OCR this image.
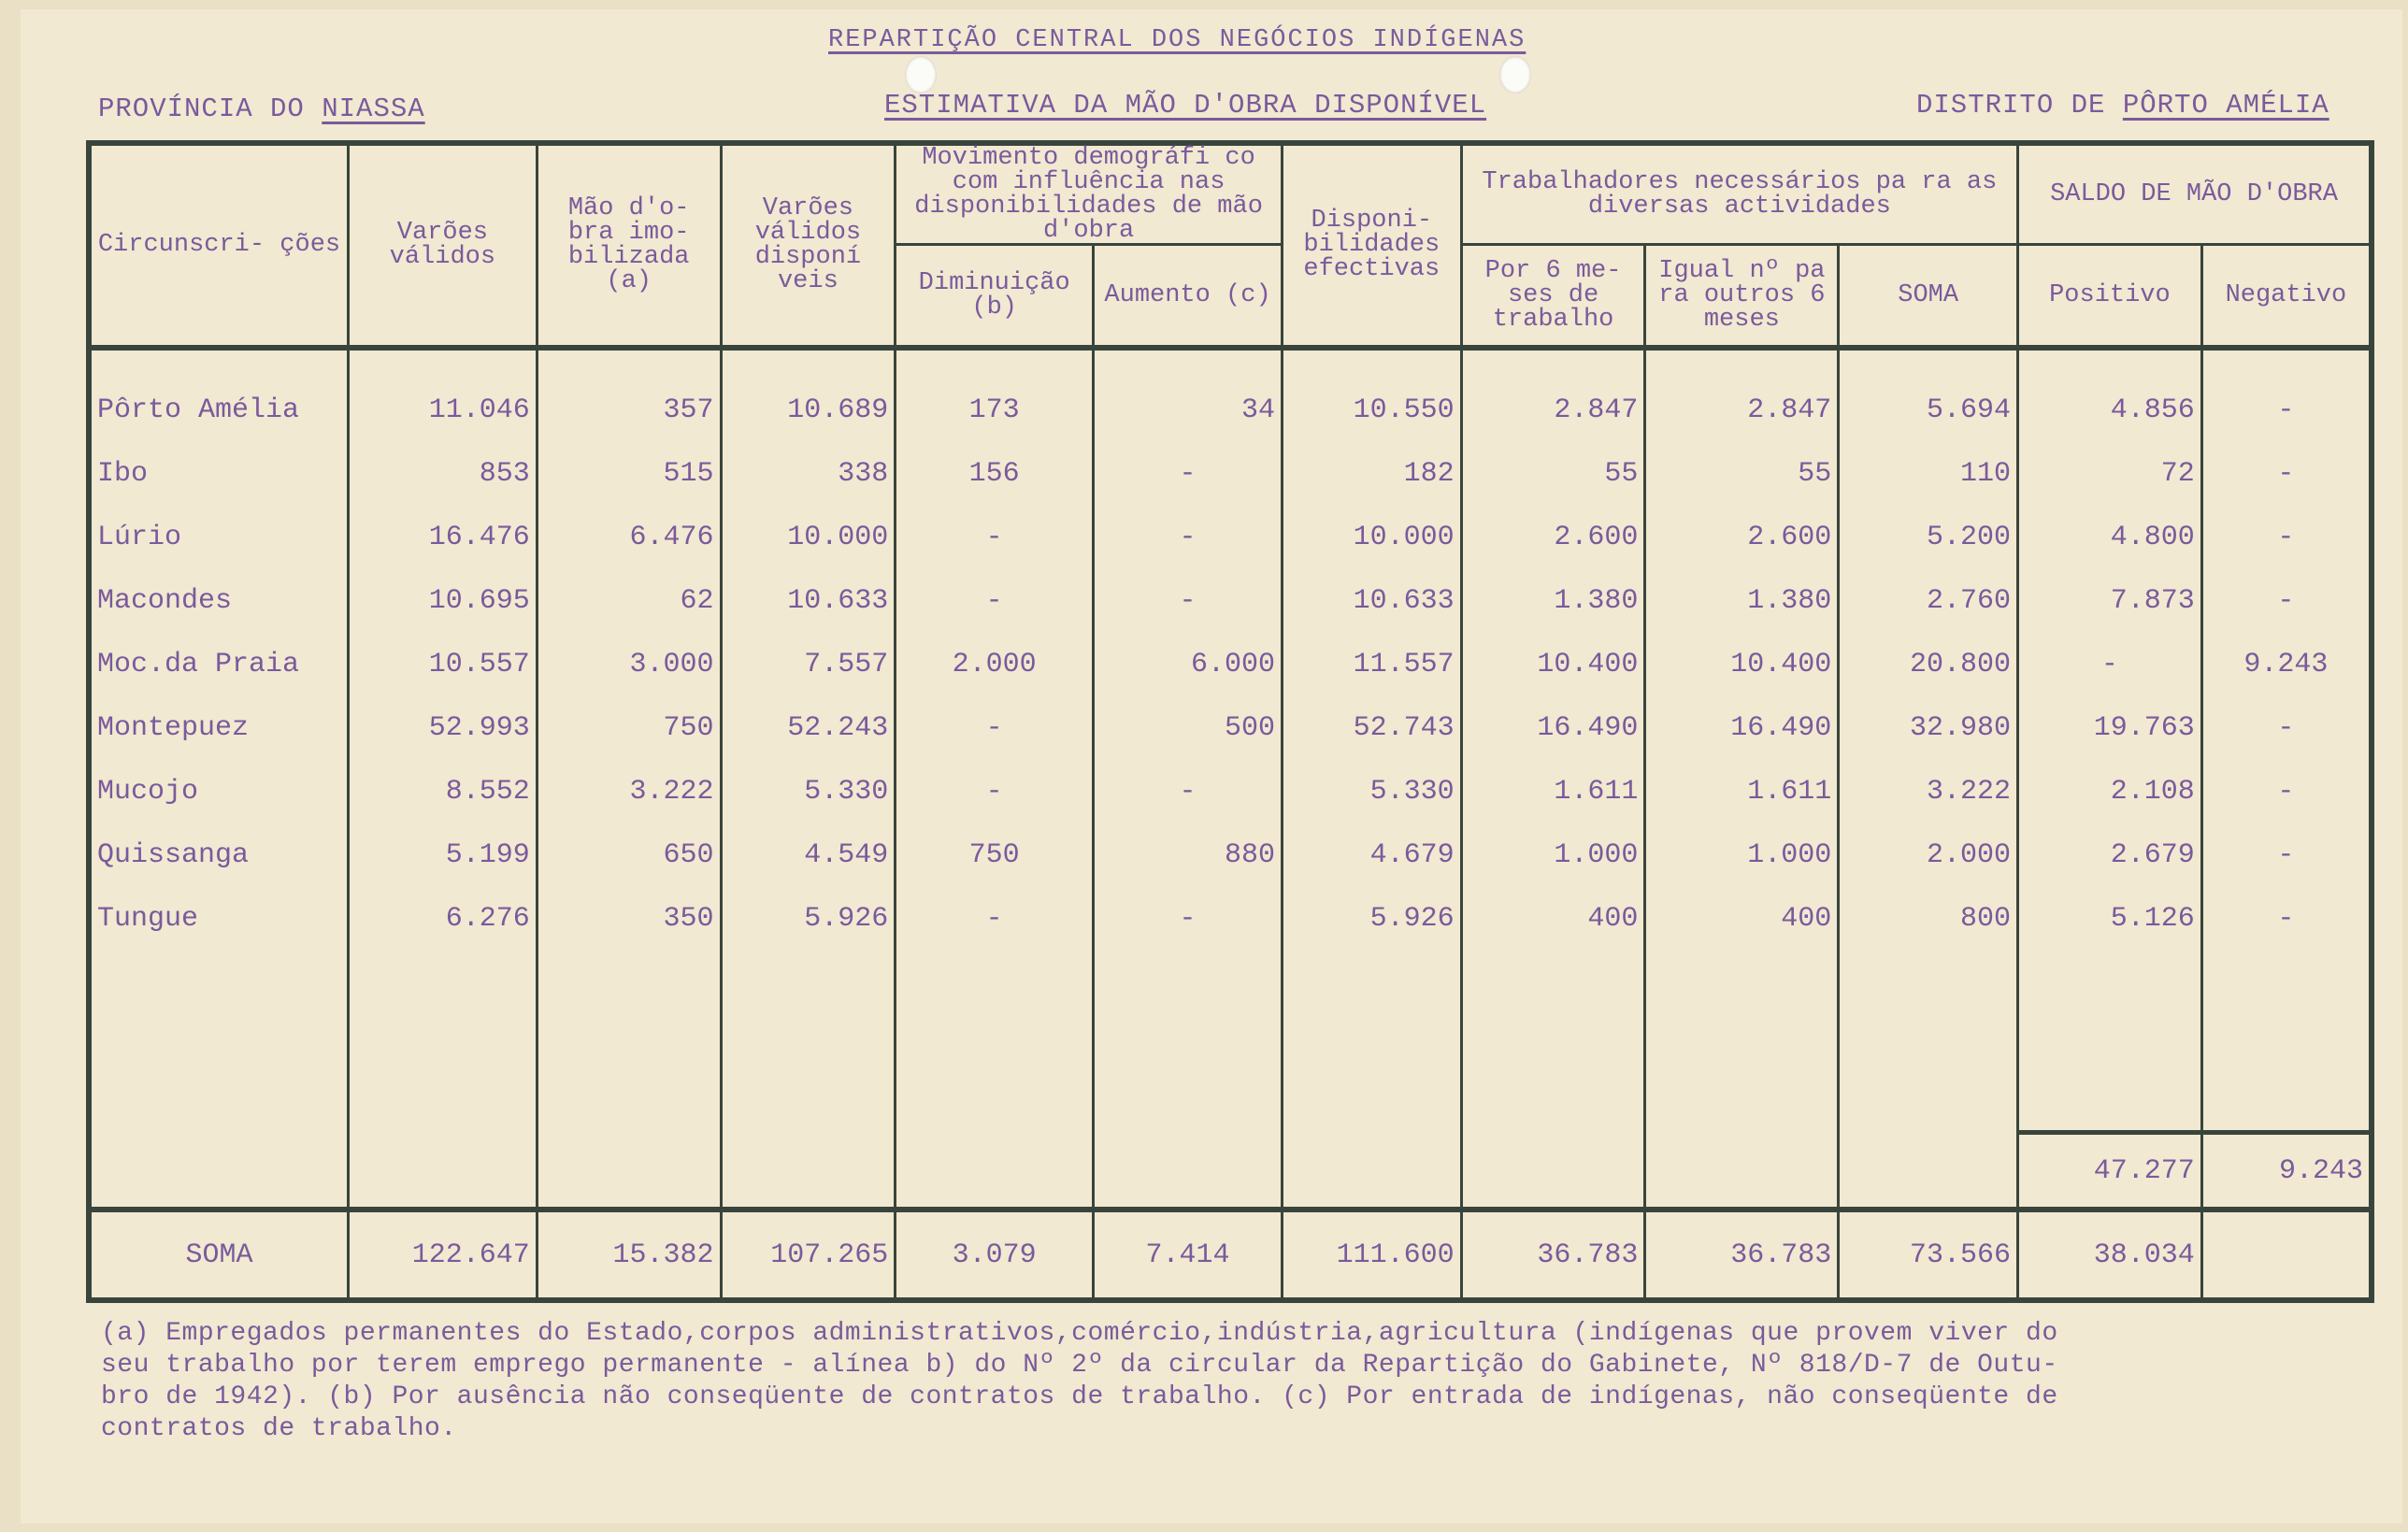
REPARTIÇÃO CENTRAL DOS NEGÓCIOS INDÍGENAS
PROVÍNCIA DO NIASSA	ESTIMATIVA DA MÃO D'OBRA DISPONÍVEL	DISTRITO DE PÔRTO AMÉLIA
Circunscri- ções	Varões válidos	Mão d'o- bra imo- bilizada (a)	Varões válidos disponí veis	Movimento demográfi co com influência nas disponibilidades de mão d'obra		Disponi- bilidades efectivas	Trabalhadores necessários pa ra as diversas actividades			SALDO DE MÃO D'OBRA	
				Diminuição (b)	Aumento (c)		Por 6 me- ses de trabalho	Igual nº pa ra outros 6 meses	SOMA	Positivo	Negativo

Pôrto Amélia	11.046	357	10.689	173	34	10.550	2.847	2.847	5.694	4.856	-
Ibo	853	515	338	156	-	182	55	55	110	72	-
Lúrio	16.476	6.476	10.000	-	-	10.000	2.600	2.600	5.200	4.800	-
Macondes	10.695	62	10.633	-	-	10.633	1.380	1.380	2.760	7.873	-
Moc.da Praia	10.557	3.000	7.557	2.000	6.000	11.557	10.400	10.400	20.800	-	9.243
Montepuez	52.993	750	52.243	-	500	52.743	16.490	16.490	32.980	19.763	-
Mucojo	8.552	3.222	5.330	-	-	5.330	1.611	1.611	3.222	2.108	-
Quissanga	5.199	650	4.549	750	880	4.679	1.000	1.000	2.000	2.679	-
Tungue	6.276	350	5.926	-	-	5.926	400	400	800	5.126	-

										47.277	9.243
SOMA	122.647	15.382	107.265	3.079	7.414	111.600	36.783	36.783	73.566	38.034	
(a) Empregados permanentes do Estado,corpos administrativos,comércio,indústria,agricultura (indígenas que provem viver do
seu trabalho por terem emprego permanente - alínea b) do Nº 2º da circular da Repartição do Gabinete, Nº 818/D-7 de Outu-
bro de 1942). (b) Por ausência não conseqüente de contratos de trabalho. (c) Por entrada de indígenas, não conseqüente de
contratos de trabalho.
